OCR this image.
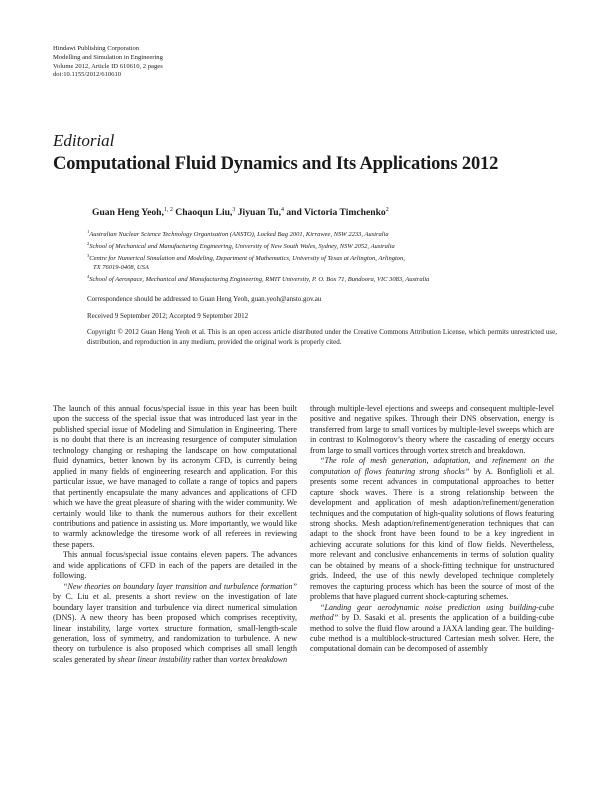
Hindawi Publishing Corporation
Modelling and Simulation in Engineering
Volume 2012, Article ID 610610, 2 pages
doi:10.1155/2012/610610
Editorial
Computational Fluid Dynamics and Its Applications 2012
Guan Heng Yeoh,$^{1, 2}$ Chaoqun Liu,$^3$ Jiyuan Tu,$^4$ and Victoria Timchenko$^2$
$^1$Australian Nuclear Science Technology Organisation (ANSTO), Locked Bag 2001, Kirrawee, NSW 2233, Australia
$^2$School of Mechanical and Manufacturing Engineering, University of New South Wales, Sydney, NSW 2052, Australia
$^3$Centre for Numerical Simulation and Modeling, Department of Mathematics, University of Texas at Arlington, Arlington,
TX 76019-0408, USA
$^4$School of Aerospace, Mechanical and Manufacturing Engineering, RMIT University, P. O. Box 71, Bundoora, VIC 3083, Australia
Correspondence should be addressed to Guan Heng Yeoh, guan.yeoh@ansto.gov.au
Received 9 September 2012; Accepted 9 September 2012
Copyright © 2012 Guan Heng Yeoh et al. This is an open access article distributed under the Creative Commons Attribution License, which permits unrestricted use, distribution, and reproduction in any medium, provided the original work is properly cited.

The launch of this annual focus/special issue in this year has been built upon the success of the special issue that was introduced last year in the published special issue of Modeling and Simulation in Engineering. There is no doubt that there is an increasing resurgence of computer simulation technology changing or reshaping the landscape on how computational fluid dynamics, better known by its acronym CFD, is currently being applied in many fields of engineering research and application. For this particular issue, we have managed to collate a range of topics and papers that pertinently encapsulate the many advances and applications of CFD which we have the great pleasure of sharing with the wider community. We certainly would like to thank the numerous authors for their excellent contributions and patience in assisting us. More importantly, we would like to warmly acknowledge the tiresome work of all referees in reviewing these papers.

This annual focus/special issue contains eleven papers. The advances and wide applications of CFD in each of the papers are detailed in the following.

“New theories on boundary layer transition and turbulence formation” by C. Liu et al. presents a short review on the investigation of late boundary layer transition and turbulence via direct numerical simulation (DNS). A new theory has been proposed which comprises receptivity, linear instability, large vortex structure formation, small-length-scale generation, loss of symmetry, and randomization to turbulence. A new theory on turbulence is also proposed which comprises all small length scales generated by shear linear instability rather than vortex breakdown

through multiple-level ejections and sweeps and consequent multiple-level positive and negative spikes. Through their DNS observation, energy is transferred from large to small vortices by multiple-level sweeps which are in contrast to Kolmogorov’s theory where the cascading of energy occurs from large to small vortices through vortex stretch and breakdown.

“The role of mesh generation, adaptation, and refinement on the computation of flows featuring strong shocks” by A. Bonfiglioli et al. presents some recent advances in computational approaches to better capture shock waves. There is a strong relationship between the development and application of mesh adaption/refinement/generation techniques and the computation of high-quality solutions of flows featuring strong shocks. Mesh adaption/refinement/generation techniques that can adapt to the shock front have been found to be a key ingredient in achieving accurate solutions for this kind of flow fields. Nevertheless, more relevant and conclusive enhancements in terms of solution quality can be obtained by means of a shock-fitting technique for unstructured grids. Indeed, the use of this newly developed technique completely removes the capturing process which has been the source of most of the problems that have plagued current shock-capturing schemes.

“Landing gear aerodynamic noise prediction using building-cube method” by D. Sasaki et al. presents the application of a building-cube method to solve the fluid flow around a JAXA landing gear. The building-cube method is a multiblock-structured Cartesian mesh solver. Here, the computational domain can be decomposed of assembly
